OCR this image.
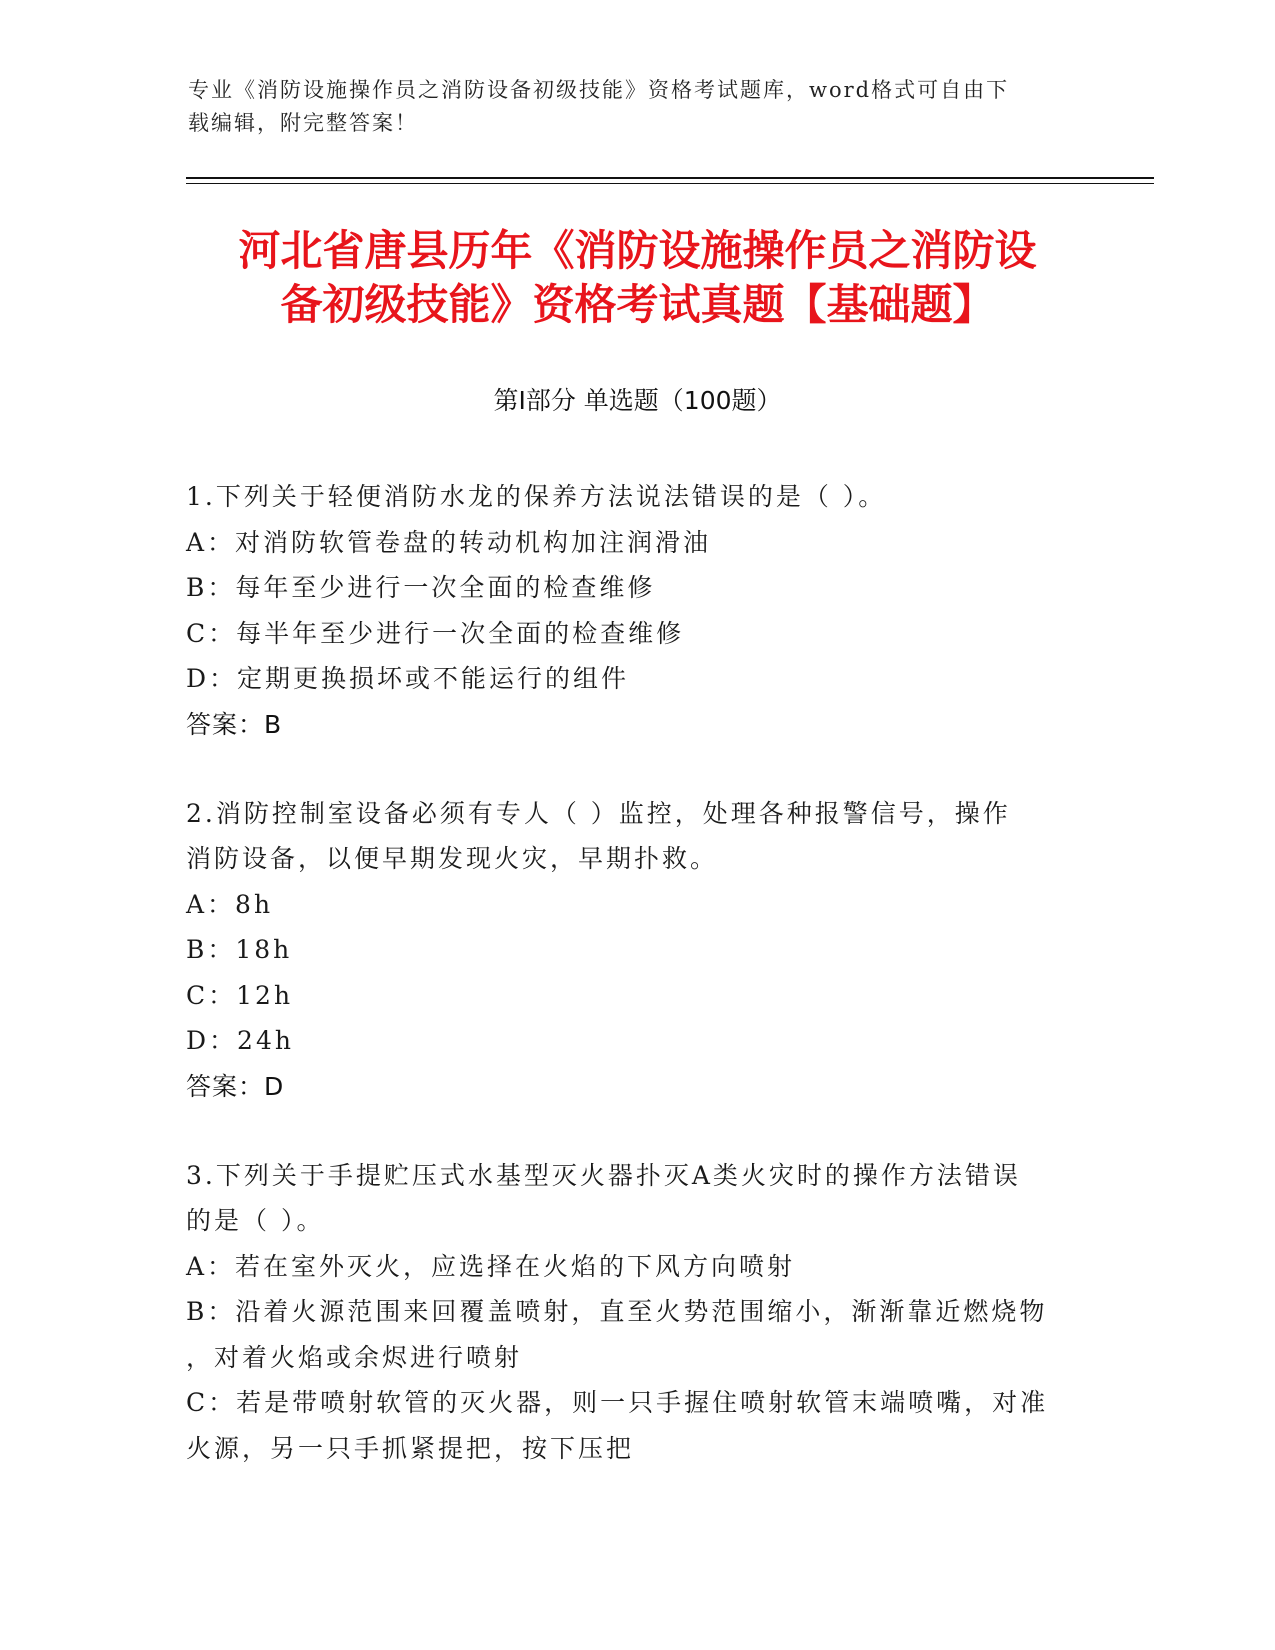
专业《消防设施操作员之消防设备初级技能》资格考试题库，word格式可自由下
载编辑，附完整答案！
河北省唐县历年《消防设施操作员之消防设
备初级技能》资格考试真题【基础题】
第Ⅰ部分 单选题（100题）
1.下列关于轻便消防水龙的保养方法说法错误的是（ ）。
A：对消防软管卷盘的转动机构加注润滑油
B：每年至少进行一次全面的检查维修
C：每半年至少进行一次全面的检查维修
D：定期更换损坏或不能运行的组件
答案：B
2.消防控制室设备必须有专人（ ）监控，处理各种报警信号，操作
消防设备，以便早期发现火灾，早期扑救。
A：8h
B：18h
C：12h
D：24h
答案：D
3.下列关于手提贮压式水基型灭火器扑灭A类火灾时的操作方法错误
的是（ ）。
A：若在室外灭火，应选择在火焰的下风方向喷射
B：沿着火源范围来回覆盖喷射，直至火势范围缩小，渐渐靠近燃烧物
，对着火焰或余烬进行喷射
C：若是带喷射软管的灭火器，则一只手握住喷射软管末端喷嘴，对准
火源，另一只手抓紧提把，按下压把
